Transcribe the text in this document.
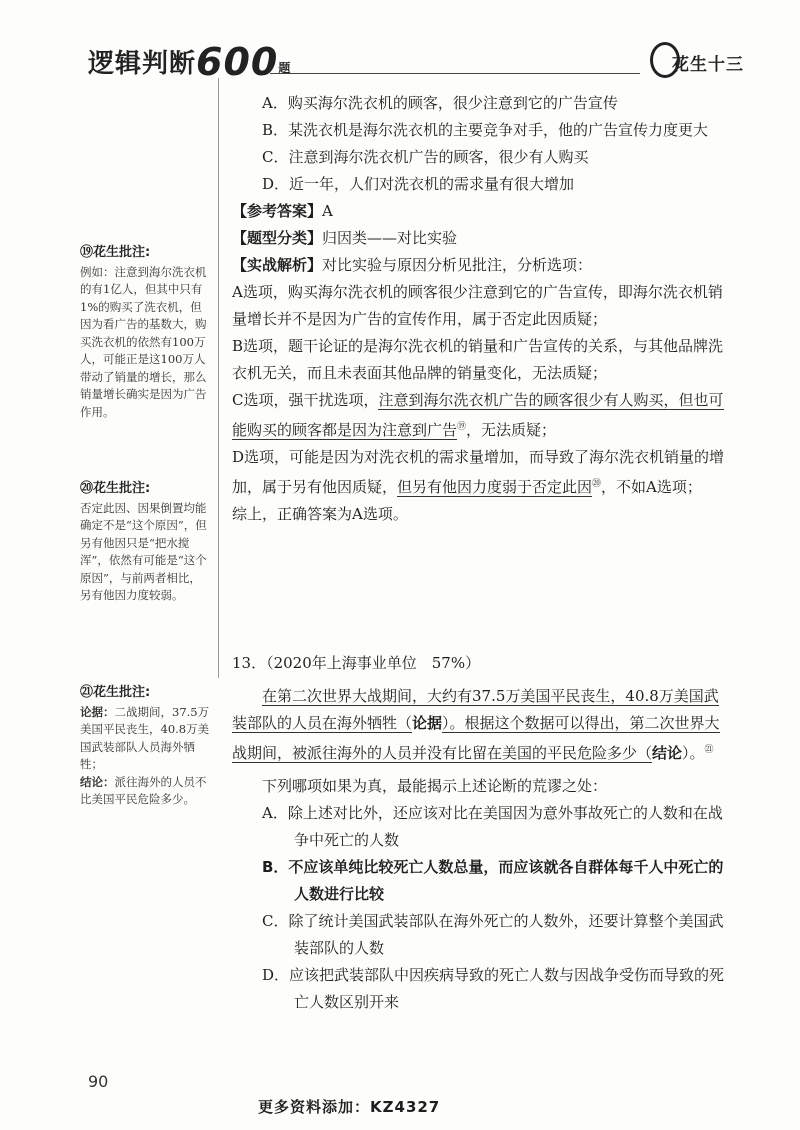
逻辑判断600题	花生十三
⑲花生批注:
例如：注意到海尔洗衣机的有1亿人，但其中只有1%的购买了洗衣机，但因为看广告的基数大，购买洗衣机的依然有100万人，可能正是这100万人带动了销量的增长，那么销量增长确实是因为广告作用。
⑳花生批注:
否定此因、因果倒置均能确定不是“这个原因”，但另有他因只是“把水搅浑”，依然有可能是“这个原因”，与前两者相比，另有他因力度较弱。
㉑花生批注:
论据：二战期间，37.5万美国平民丧生，40.8万美国武装部队人员海外牺牲；
结论：派往海外的人员不比美国平民危险多少。
A．购买海尔洗衣机的顾客，很少注意到它的广告宣传
B．某洗衣机是海尔洗衣机的主要竞争对手，他的广告宣传力度更大
C．注意到海尔洗衣机广告的顾客，很少有人购买
D．近一年，人们对洗衣机的需求量有很大增加
【参考答案】A
【题型分类】归因类——对比实验
【实战解析】对比实验与原因分析见批注，分析选项：
A选项，购买海尔洗衣机的顾客很少注意到它的广告宣传，即海尔洗衣机销量增长并不是因为广告的宣传作用，属于否定此因质疑；
B选项，题干论证的是海尔洗衣机的销量和广告宣传的关系，与其他品牌洗衣机无关，而且未表面其他品牌的销量变化，无法质疑；
C选项，强干扰选项，注意到海尔洗衣机广告的顾客很少有人购买，但也可能购买的顾客都是因为注意到广告⑲，无法质疑；
D选项，可能是因为对洗衣机的需求量增加，而导致了海尔洗衣机销量的增加，属于另有他因质疑，但另有他因力度弱于否定此因⑳，不如A选项；
综上，正确答案为A选项。
13．（2020年上海事业单位　57%）
在第二次世界大战期间，大约有37.5万美国平民丧生，40.8万美国武装部队的人员在海外牺牲（论据）。根据这个数据可以得出，第二次世界大战期间，被派往海外的人员并没有比留在美国的平民危险多少（结论）。$^㉑$
下列哪项如果为真，最能揭示上述论断的荒谬之处：
A．除上述对比外，还应该对比在美国因为意外事故死亡的人数和在战争中死亡的人数
B．不应该单纯比较死亡人数总量，而应该就各自群体每千人中死亡的人数进行比较
C．除了统计美国武装部队在海外死亡的人数外，还要计算整个美国武装部队的人数
D．应该把武装部队中因疾病导致的死亡人数与因战争受伤而导致的死亡人数区别开来
90
更多资料添加：KZ4327
